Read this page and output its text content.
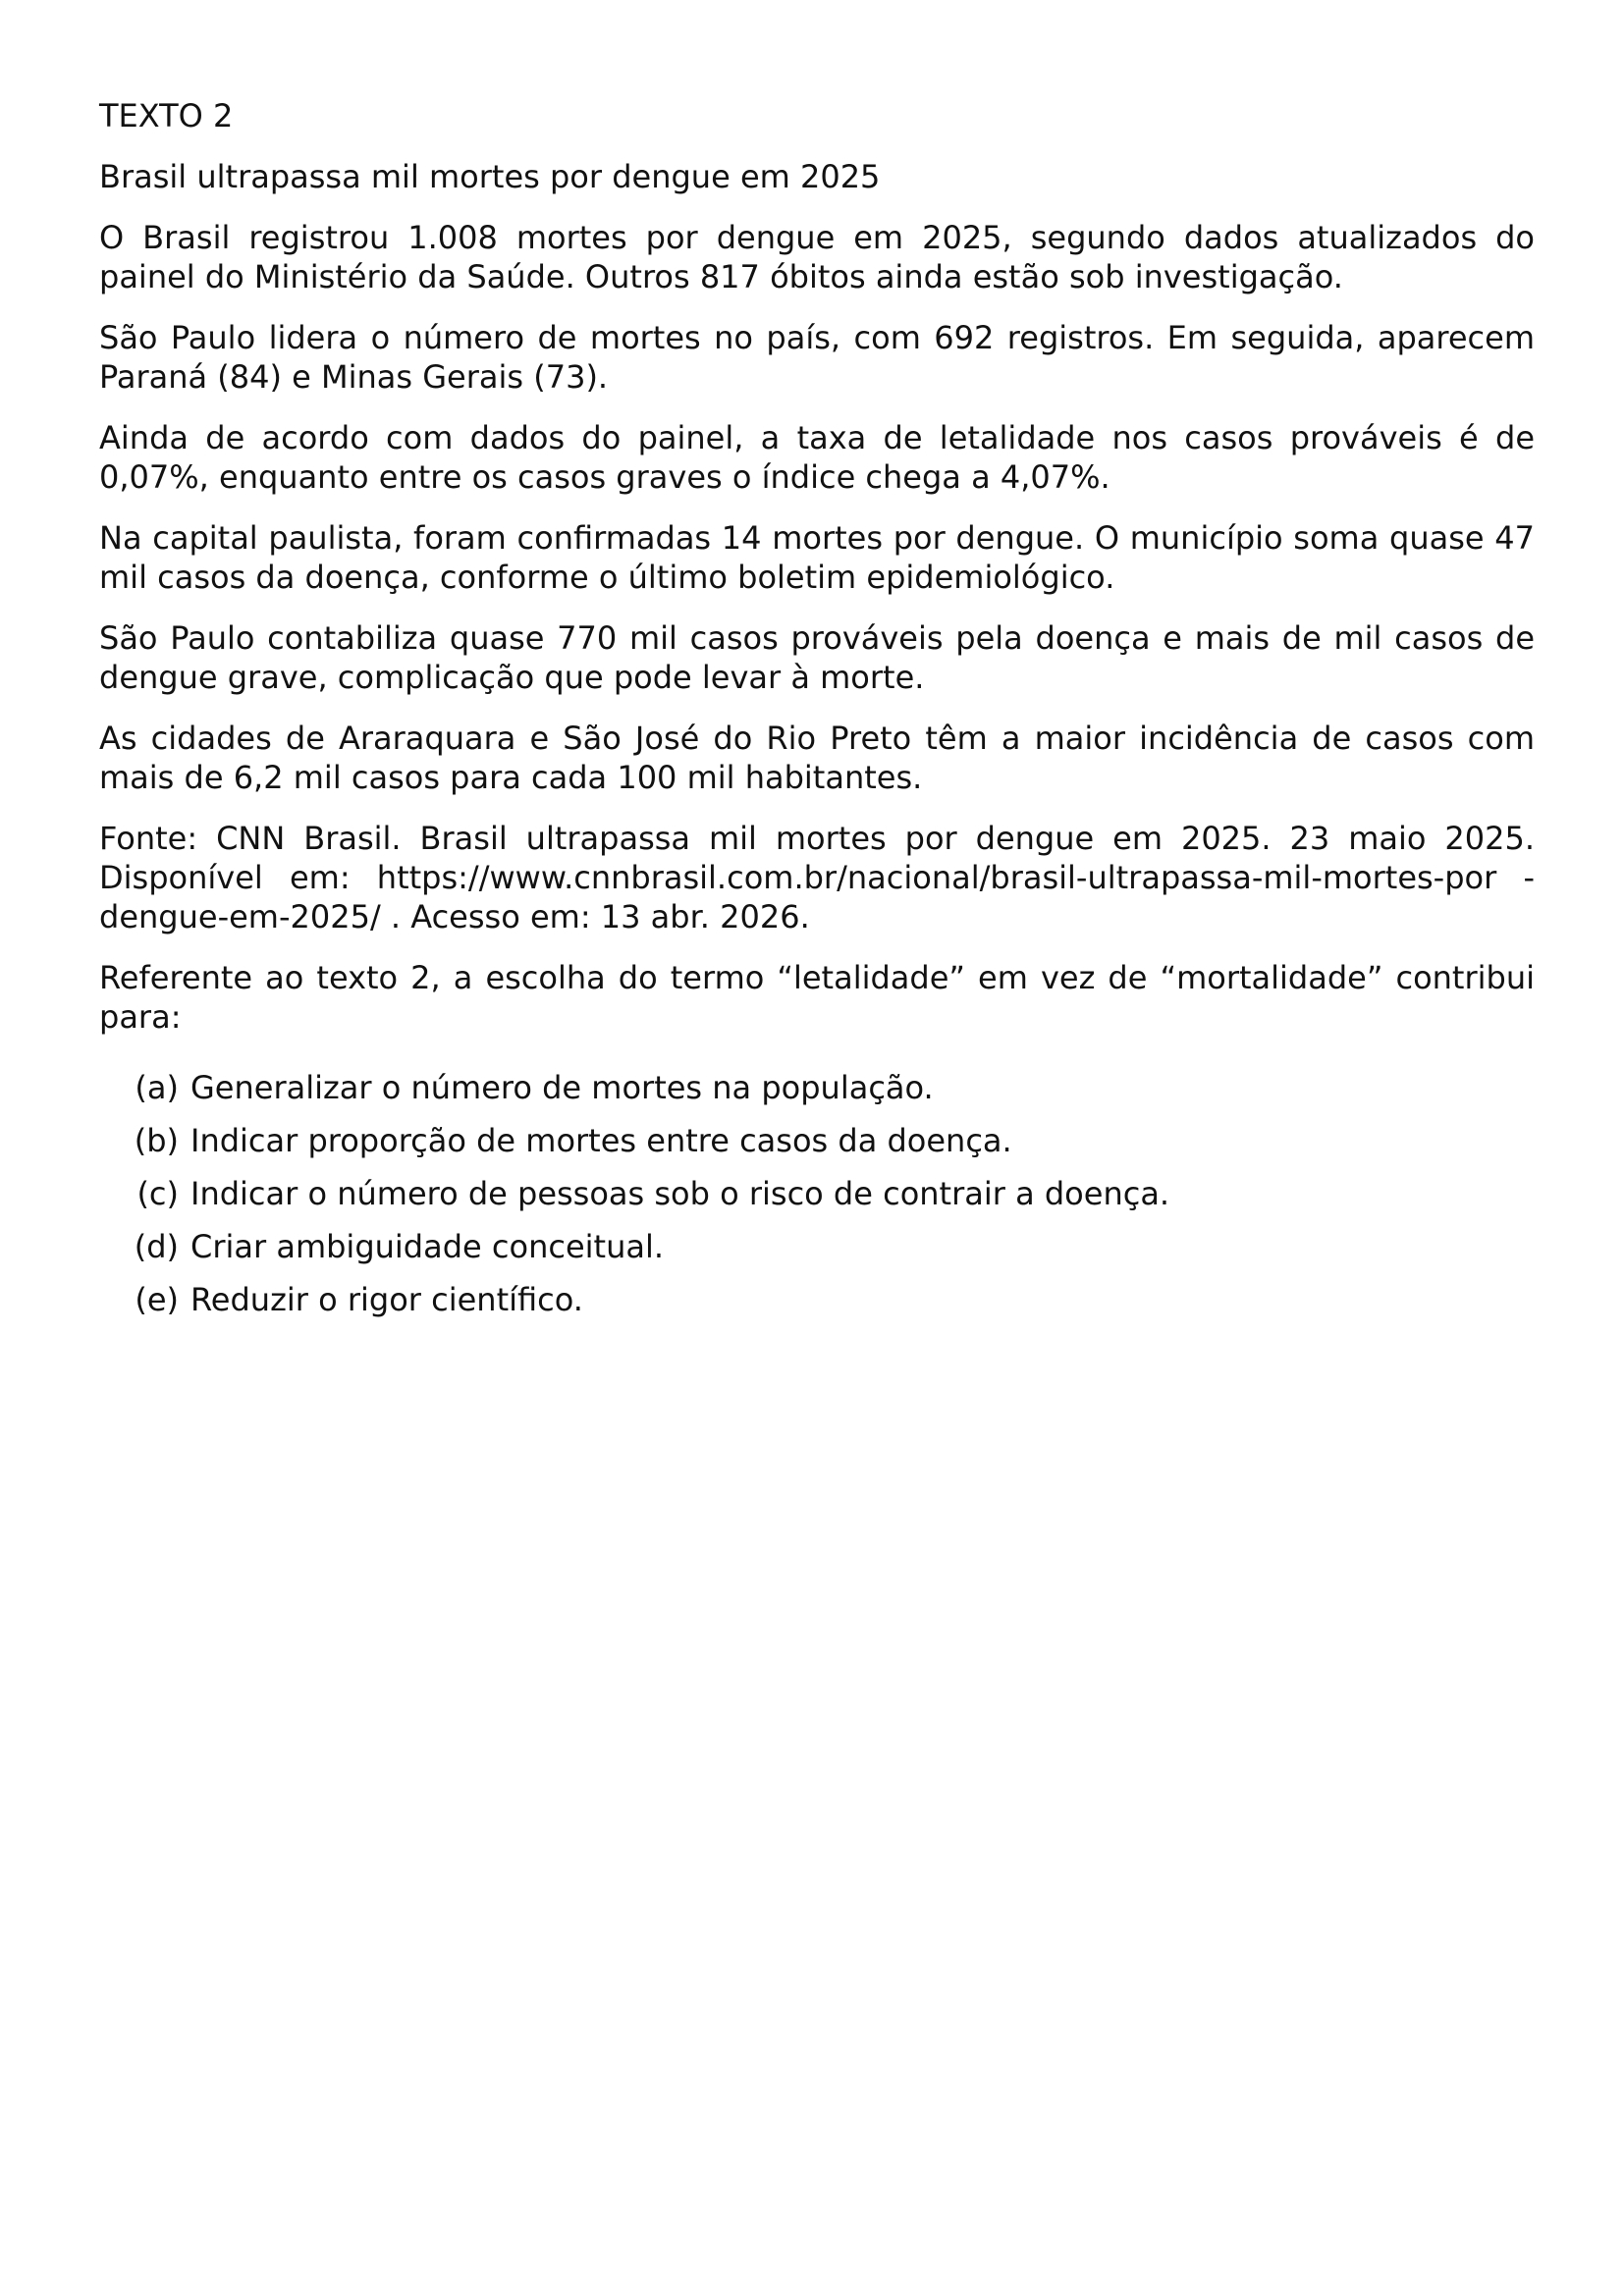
TEXTO 2

Brasil ultrapassa mil mortes por dengue em 2025

O Brasil registrou 1.008 mortes por dengue em 2025, segundo dados atualizados do painel do Ministério da Saúde. Outros 817 óbitos ainda estão sob investigação.

São Paulo lidera o número de mortes no país, com 692 registros. Em seguida, aparecem Paraná (84) e Minas Gerais (73).

Ainda de acordo com dados do painel, a taxa de letalidade nos casos prováveis é de 0,07%, enquanto entre os casos graves o índice chega a 4,07%.

Na capital paulista, foram confirmadas 14 mortes por dengue. O município soma quase 47 mil casos da doença, conforme o último boletim epidemiológico.

São Paulo contabiliza quase 770 mil casos prováveis pela doença e mais de mil casos de dengue grave, complicação que pode levar à morte.

As cidades de Araraquara e São José do Rio Preto têm a maior incidência de casos com mais de 6,2 mil casos para cada 100 mil habitantes.

Fonte: CNN Brasil. Brasil ultrapassa mil mortes por dengue em 2025. 23 maio 2025. Disponível em: https://www.cnnbrasil.com.br/nacional/brasil-ultrapassa-mil-mortes-por -dengue-em-2025/ . Acesso em: 13 abr. 2026.

Referente ao texto 2, a escolha do termo “letalidade” em vez de “mortalidade” contribui para:

(a) Generalizar o número de mortes na população.
(b) Indicar proporção de mortes entre casos da doença.
(c) Indicar o número de pessoas sob o risco de contrair a doença.
(d) Criar ambiguidade conceitual.
(e) Reduzir o rigor científico.
